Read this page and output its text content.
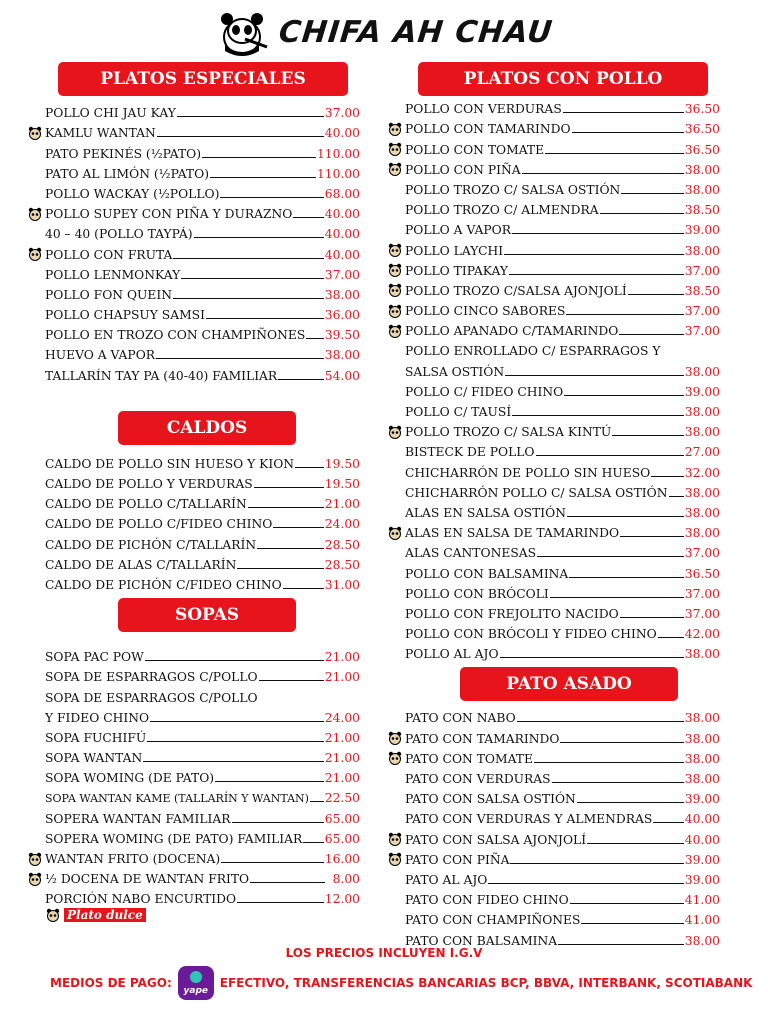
CHIFA AH CHAU
PLATOS ESPECIALES
POLLO CHI JAU KAY	37.00
KAMLU WANTAN	40.00
PATO PEKINÉS (½PATO)	110.00
PATO AL LIMÓN (½PATO)	110.00
POLLO WACKAY (½POLLO)	68.00
POLLO SUPEY CON PIÑA Y DURAZNO	40.00
40 – 40 (POLLO TAYPÁ)	40.00
POLLO CON FRUTA	40.00
POLLO LENMONKAY	37.00
POLLO FON QUEIN	38.00
POLLO CHAPSUY SAMSI	36.00
POLLO EN TROZO CON CHAMPIÑONES 39.50
HUEVO A VAPOR	38.00
TALLARÍN TAY PA (40-40) FAMILIAR	54.00
CALDOS
CALDO DE POLLO SIN HUESO Y KION 19.50
CALDO DE POLLO Y VERDURAS	19.50
CALDO DE POLLO C/TALLARÍN	21.00
CALDO DE POLLO C/FIDEO CHINO	24.00
CALDO DE PICHÓN C/TALLARÍN	28.50
CALDO DE ALAS C/TALLARÍN	28.50
CALDO DE PICHÓN C/FIDEO CHINO	31.00
SOPAS
SOPA PAC POW	21.00
SOPA DE ESPARRAGOS C/POLLO	21.00
SOPA DE ESPARRAGOS C/POLLO
Y FIDEO CHINO	24.00
SOPA FUCHIFÚ	21.00
SOPA WANTAN	21.00
SOPA WOMING (DE PATO)	21.00
SOPA WANTAN KAME (TALLARÍN Y WANTAN) 22.50
SOPERA WANTAN FAMILIAR	65.00
SOPERA WOMING (DE PATO) FAMILIAR 65.00
WANTAN FRITO (DOCENA)	16.00
½ DOCENA DE WANTAN FRITO	8.00
PORCIÓN NABO ENCURTIDO	12.00
Plato dulce
PLATOS CON POLLO
POLLO CON VERDURAS	36.50
POLLO CON TAMARINDO	36.50
POLLO CON TOMATE	36.50
POLLO CON PIÑA	38.00
POLLO TROZO C/ SALSA OSTIÓN	38.00
POLLO TROZO C/ ALMENDRA	38.50
POLLO A VAPOR	39.00
POLLO LAYCHI	38.00
POLLO TIPAKAY	37.00
POLLO TROZO C/SALSA AJONJOLÍ	38.50
POLLO CINCO SABORES	37.00
POLLO APANADO C/TAMARINDO	37.00
POLLO ENROLLADO C/ ESPARRAGOS Y
SALSA OSTIÓN	38.00
POLLO C/ FIDEO CHINO	39.00
POLLO C/ TAUSÍ	38.00
POLLO TROZO C/ SALSA KINTÚ	38.00
BISTECK DE POLLO	27.00
CHICHARRÓN DE POLLO SIN HUESO	32.00
CHICHARRÓN POLLO C/ SALSA OSTIÓN 38.00
ALAS EN SALSA OSTIÓN	38.00
ALAS EN SALSA DE TAMARINDO	38.00
ALAS CANTONESAS	37.00
POLLO CON BALSAMINA	36.50
POLLO CON BRÓCOLI	37.00
POLLO CON FREJOLITO NACIDO	37.00
POLLO CON BRÓCOLI Y FIDEO CHINO 42.00
POLLO AL AJO	38.00
PATO ASADO
PATO CON NABO	38.00
PATO CON TAMARINDO	38.00
PATO CON TOMATE	38.00
PATO CON VERDURAS	38.00
PATO CON SALSA OSTIÓN	39.00
PATO CON VERDURAS Y ALMENDRAS	40.00
PATO CON SALSA AJONJOLÍ	40.00
PATO CON PIÑA	39.00
PATO AL AJO	39.00
PATO CON FIDEO CHINO	41.00
PATO CON CHAMPIÑONES	41.00
PATO CON BALSAMINA	38.00
LOS PRECIOS INCLUYEN I.G.V
MEDIOS DE PAGO:
yape
EFECTIVO, TRANSFERENCIAS BANCARIAS BCP, BBVA, INTERBANK, SCOTIABANK
